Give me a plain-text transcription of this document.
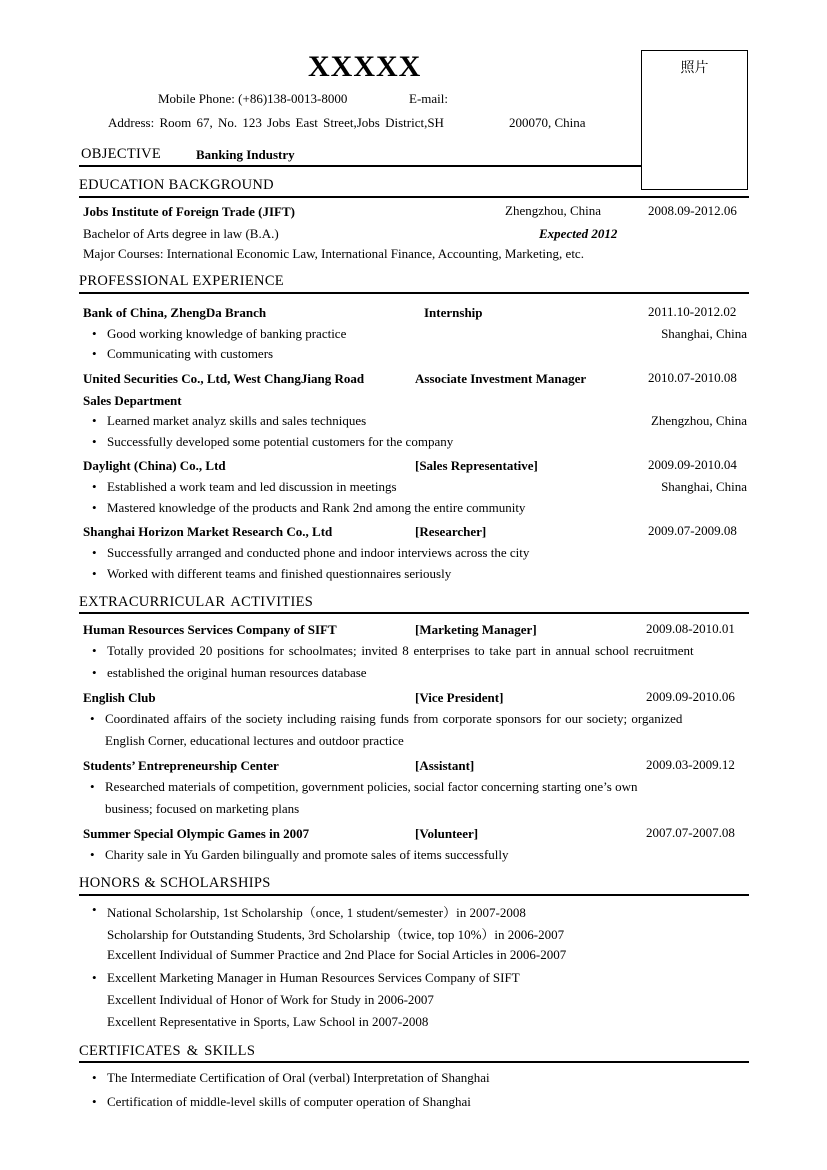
XXXXX
Mobile Phone: (+86)138-0013-8000	E-mail:
Address: Room 67, No. 123 Jobs East Street,Jobs District,SH	200070, China
照片
OBJECTIVE	Banking Industry
EDUCATION BACKGROUND
Jobs Institute of Foreign Trade (JIFT)	Zhengzhou, China	2008.09-2012.06
Bachelor of Arts degree in law (B.A.)	Expected 2012
Major Courses: International Economic Law, International Finance, Accounting, Marketing, etc.
PROFESSIONAL EXPERIENCE
Bank of China, ZhengDa Branch	Internship	2011.10-2012.02
Shanghai, China
• Good working knowledge of banking practice
• Communicating with customers
United Securities Co., Ltd, West ChangJiang Road	Associate Investment Manager	2010.07-2010.08
Sales Department
Zhengzhou, China
• Learned market analyz skills and sales techniques
• Successfully developed some potential customers for the company
Daylight (China) Co., Ltd	[Sales Representative]	2009.09-2010.04
Shanghai, China
• Established a work team and led discussion in meetings
• Mastered knowledge of the products and Rank 2nd among the entire community
Shanghai Horizon Market Research Co., Ltd	[Researcher]	2009.07-2009.08
• Successfully arranged and conducted phone and indoor interviews across the city
• Worked with different teams and finished questionnaires seriously
EXTRACURRICULAR ACTIVITIES
Human Resources Services Company of SIFT	[Marketing Manager]	2009.08-2010.01
• Totally provided 20 positions for schoolmates; invited 8 enterprises to take part in annual school recruitment
• established the original human resources database
English Club	[Vice President]	2009.09-2010.06
• Coordinated affairs of the society including raising funds from corporate sponsors for our society; organized
English Corner, educational lectures and outdoor practice
Students’ Entrepreneurship Center	[Assistant]	2009.03-2009.12
• Researched materials of competition, government policies, social factor concerning starting one’s own
business; focused on marketing plans
Summer Special Olympic Games in 2007	[Volunteer]	2007.07-2007.08
• Charity sale in Yu Garden bilingually and promote sales of items successfully
HONORS & SCHOLARSHIPS
• National Scholarship, 1st Scholarship（once, 1 student/semester）in 2007-2008
Scholarship for Outstanding Students, 3rd Scholarship（twice, top 10%）in 2006-2007
Excellent Individual of Summer Practice and 2nd Place for Social Articles in 2006-2007
• Excellent Marketing Manager in Human Resources Services Company of SIFT
Excellent Individual of Honor of Work for Study in 2006-2007
Excellent Representative in Sports, Law School in 2007-2008
CERTIFICATES & SKILLS
• The Intermediate Certification of Oral (verbal) Interpretation of Shanghai
• Certification of middle-level skills of computer operation of Shanghai
